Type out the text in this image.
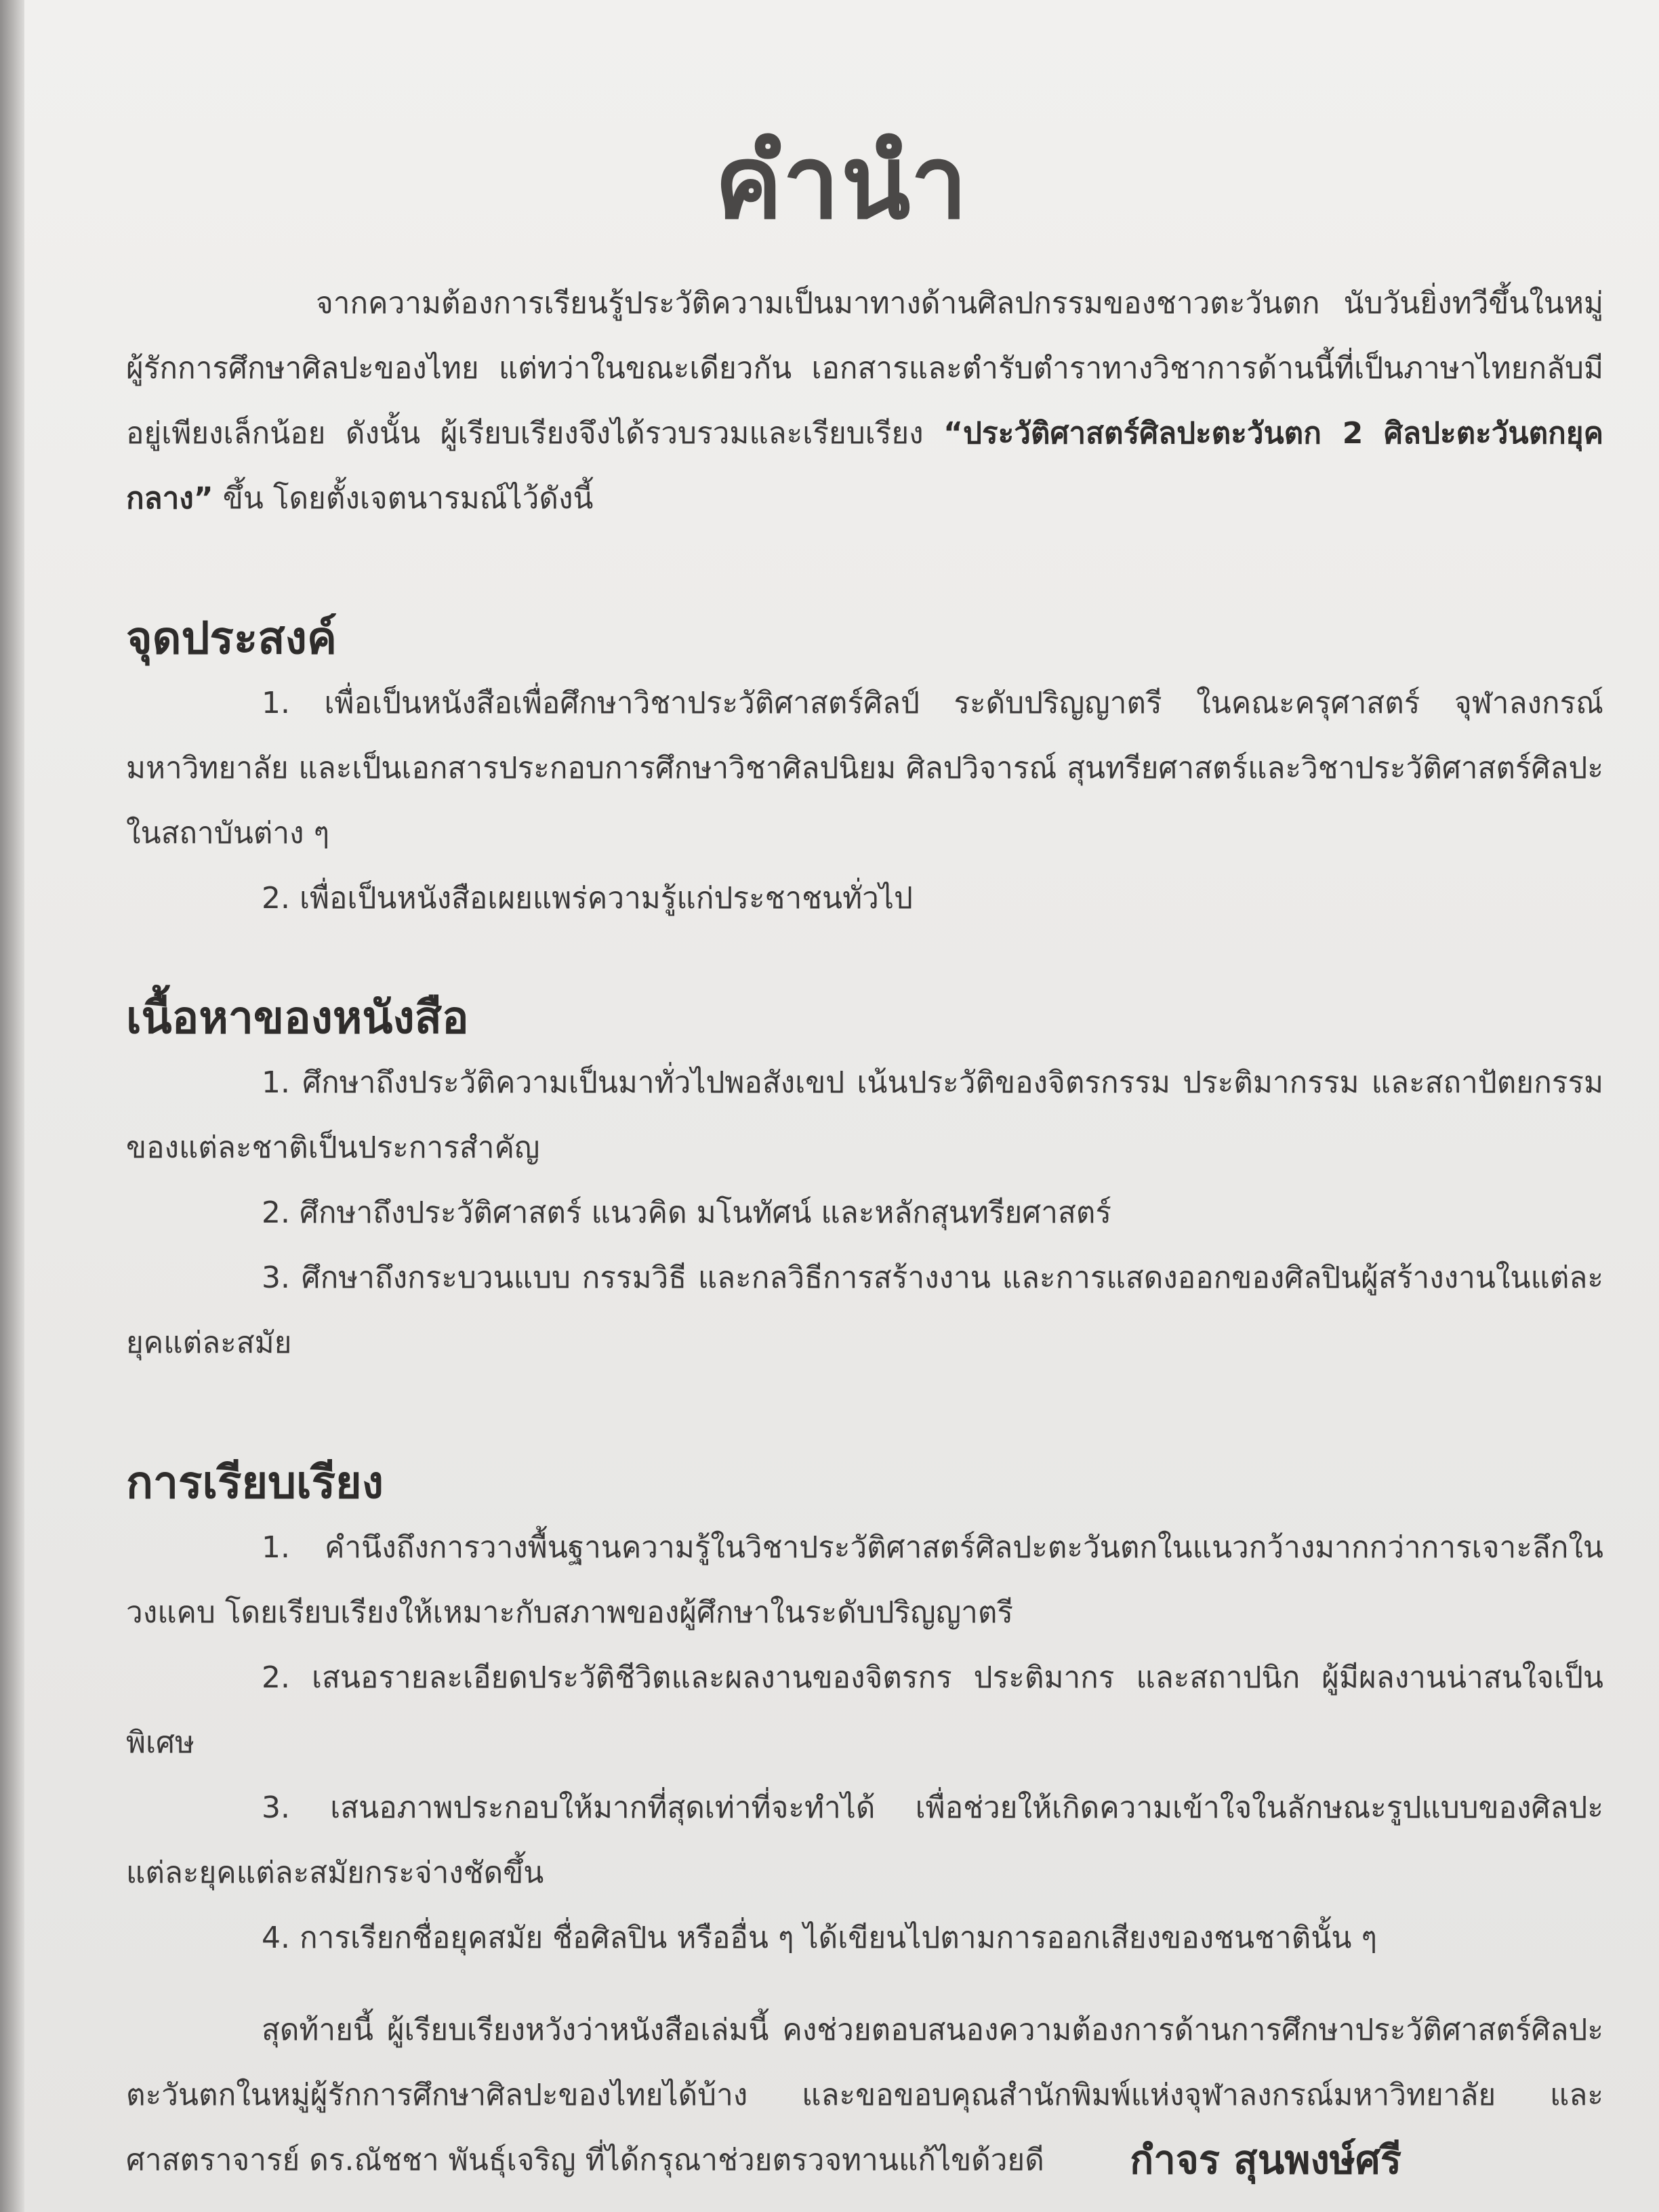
คำนำ

จากความต้องการเรียนรู้ประวัติความเป็นมาทางด้านศิลปกรรมของชาวตะวันตก นับวันยิ่งทวีขึ้นในหมู่ผู้รักการศึกษาศิลปะของไทย แต่ทว่าในขณะเดียวกัน เอกสารและตำรับตำราทางวิชาการด้านนี้ที่เป็นภาษาไทยกลับมีอยู่เพียงเล็กน้อย ดังนั้น ผู้เรียบเรียงจึงได้รวบรวมและเรียบเรียง “ประวัติศาสตร์ศิลปะตะวันตก 2 ศิลปะตะวันตกยุคกลาง” ขึ้น โดยตั้งเจตนารมณ์ไว้ดังนี้

จุดประสงค์

1. เพื่อเป็นหนังสือเพื่อศึกษาวิชาประวัติศาสตร์ศิลป์ ระดับปริญญาตรี ในคณะครุศาสตร์ จุฬาลงกรณ์มหาวิทยาลัย และเป็นเอกสารประกอบการศึกษาวิชาศิลปนิยม ศิลปวิจารณ์ สุนทรียศาสตร์และวิชาประวัติศาสตร์ศิลปะในสถาบันต่าง ๆ

2. เพื่อเป็นหนังสือเผยแพร่ความรู้แก่ประชาชนทั่วไป

เนื้อหาของหนังสือ

1. ศึกษาถึงประวัติความเป็นมาทั่วไปพอสังเขป เน้นประวัติของจิตรกรรม ประติมากรรม และสถาปัตยกรรมของแต่ละชาติเป็นประการสำคัญ

2. ศึกษาถึงประวัติศาสตร์ แนวคิด มโนทัศน์ และหลักสุนทรียศาสตร์

3. ศึกษาถึงกระบวนแบบ กรรมวิธี และกลวิธีการสร้างงาน และการแสดงออกของศิลปินผู้สร้างงานในแต่ละยุคแต่ละสมัย

การเรียบเรียง

1. คำนึงถึงการวางพื้นฐานความรู้ในวิชาประวัติศาสตร์ศิลปะตะวันตกในแนวกว้างมากกว่าการเจาะลึกในวงแคบ โดยเรียบเรียงให้เหมาะกับสภาพของผู้ศึกษาในระดับปริญญาตรี

2. เสนอรายละเอียดประวัติชีวิตและผลงานของจิตรกร ประติมากร และสถาปนิก ผู้มีผลงานน่าสนใจเป็นพิเศษ

3. เสนอภาพประกอบให้มากที่สุดเท่าที่จะทำได้ เพื่อช่วยให้เกิดความเข้าใจในลักษณะรูปแบบของศิลปะแต่ละยุคแต่ละสมัยกระจ่างชัดขึ้น

4. การเรียกชื่อยุคสมัย ชื่อศิลปิน หรืออื่น ๆ ได้เขียนไปตามการออกเสียงของชนชาตินั้น ๆ

สุดท้ายนี้ ผู้เรียบเรียงหวังว่าหนังสือเล่มนี้ คงช่วยตอบสนองความต้องการด้านการศึกษาประวัติศาสตร์ศิลปะตะวันตกในหมู่ผู้รักการศึกษาศิลปะของไทยได้บ้าง และขอขอบคุณสำนักพิมพ์แห่งจุฬาลงกรณ์มหาวิทยาลัย และ ศาสตราจารย์ ดร.ณัชชา พันธุ์เจริญ ที่ได้กรุณาช่วยตรวจทานแก้ไขด้วยดี	กำจร สุนพงษ์ศรี
